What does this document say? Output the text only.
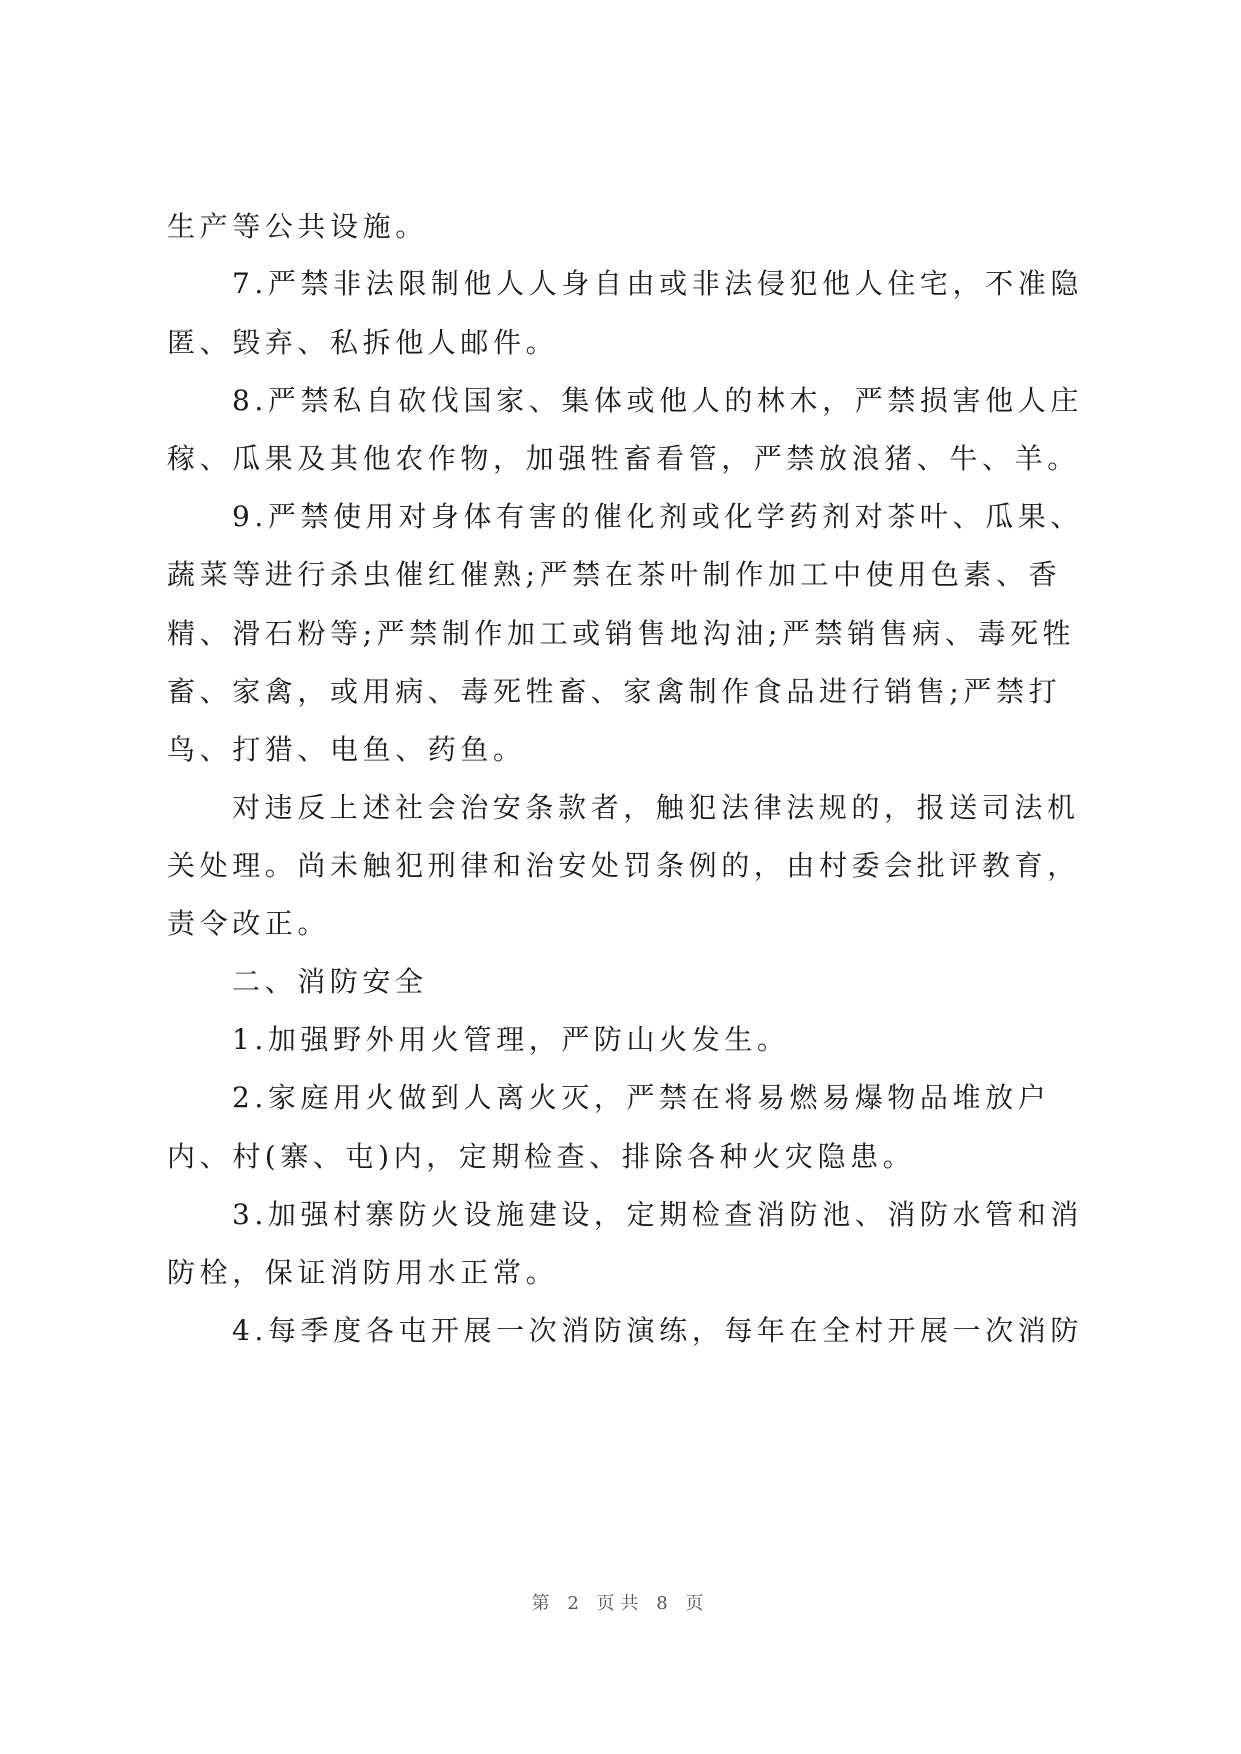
生产等公共设施。
7.严禁非法限制他人人身自由或非法侵犯他人住宅，不准隐
匿、毁弃、私拆他人邮件。
8.严禁私自砍伐国家、集体或他人的林木，严禁损害他人庄
稼、瓜果及其他农作物，加强牲畜看管，严禁放浪猪、牛、羊。
9.严禁使用对身体有害的催化剂或化学药剂对茶叶、瓜果、
蔬菜等进行杀虫催红催熟;严禁在茶叶制作加工中使用色素、香
精、滑石粉等;严禁制作加工或销售地沟油;严禁销售病、毒死牲
畜、家禽，或用病、毒死牲畜、家禽制作食品进行销售;严禁打
鸟、打猎、电鱼、药鱼。
对违反上述社会治安条款者，触犯法律法规的，报送司法机
关处理。尚未触犯刑律和治安处罚条例的，由村委会批评教育，
责令改正。
二、消防安全
1.加强野外用火管理，严防山火发生。
2.家庭用火做到人离火灭，严禁在将易燃易爆物品堆放户
内、村(寨、屯)内，定期检查、排除各种火灾隐患。
3.加强村寨防火设施建设，定期检查消防池、消防水管和消
防栓，保证消防用水正常。
4.每季度各屯开展一次消防演练，每年在全村开展一次消防
第 2 页共 8 页
